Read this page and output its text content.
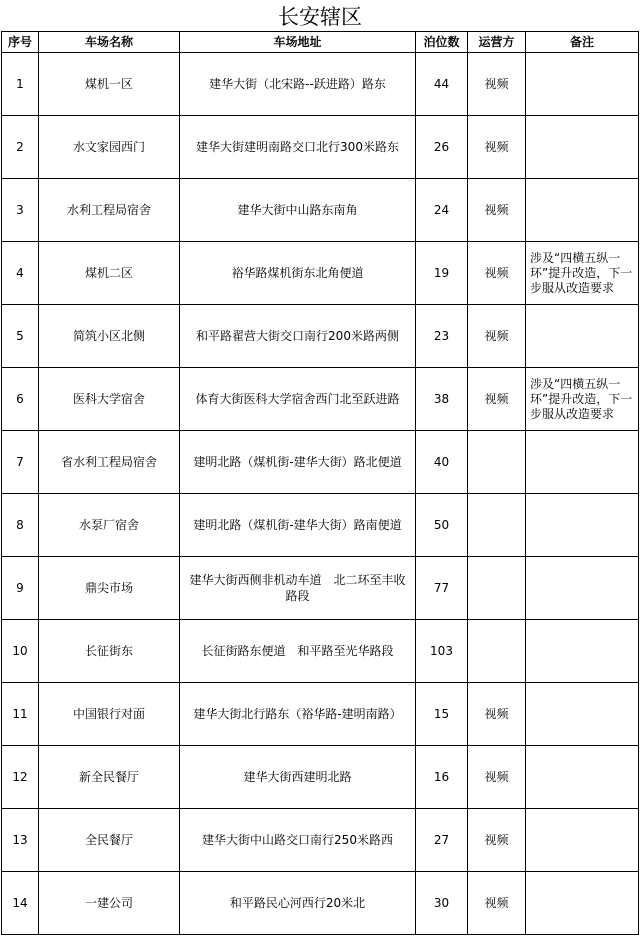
长安辖区
序号	车场名称	车场地址	泊位数	运营方	备注
1	煤机一区	建华大街（北宋路--跃进路）路东	44	视频	
2	水文家园西门	建华大街建明南路交口北行300米路东	26	视频	
3	水利工程局宿舍	建华大街中山路东南角	24	视频	
4	煤机二区	裕华路煤机街东北角便道	19	视频	涉及“四横五纵一环”提升改造，下一步服从改造要求
5	简筑小区北侧	和平路翟营大街交口南行200米路两侧	23	视频	
6	医科大学宿舍	体育大街医科大学宿舍西门北至跃进路	38	视频	涉及“四横五纵一环”提升改造，下一步服从改造要求
7	省水利工程局宿舍	建明北路（煤机街-建华大街）路北便道	40		
8	水泵厂宿舍	建明北路（煤机街-建华大街）路南便道	50		
9	鼎尖市场	建华大街西侧非机动车道　北二环至丰收路段	77		
10	长征街东	长征街路东便道　和平路至光华路段	103		
11	中国银行对面	建华大街北行路东（裕华路-建明南路）	15	视频	
12	新全民餐厅	建华大街西建明北路	16	视频	
13	全民餐厅	建华大街中山路交口南行250米路西	27	视频	
14	一建公司	和平路民心河西行20米北	30	视频	
